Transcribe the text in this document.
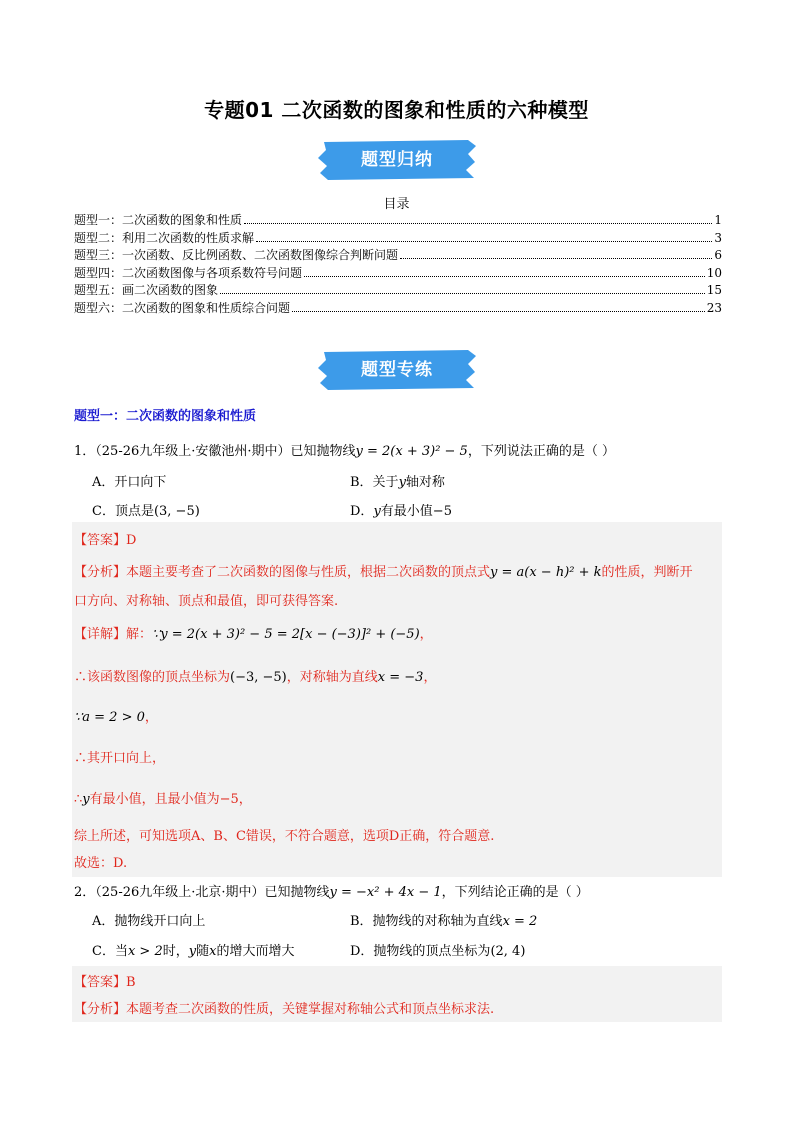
专题01 二次函数的图象和性质的六种模型
题型归纳
目录
题型一：二次函数的图象和性质	1
题型二：利用二次函数的性质求解	3
题型三：一次函数、反比例函数、二次函数图像综合判断问题	6
题型四：二次函数图像与各项系数符号问题	10
题型五：画二次函数的图象	15
题型六：二次函数的图象和性质综合问题	23
题型专练
题型一：二次函数的图象和性质
1．（25-26九年级上·安徽池州·期中）已知抛物线y = 2(x + 3)² − 5，下列说法正确的是（ ）
A．开口向下	B．关于y轴对称
C．顶点是(3, −5)	D．y有最小值−5
【答案】D
【分析】本题主要考查了二次函数的图像与性质，根据二次函数的顶点式y = a(x − h)² + k的性质，判断开
口方向、对称轴、顶点和最值，即可获得答案.
【详解】解：∵y = 2(x + 3)² − 5 = 2[x − (−3)]² + (−5)，
∴该函数图像的顶点坐标为(−3, −5)，对称轴为直线x = −3，
∵a = 2 > 0，
∴其开口向上，
∴y有最小值，且最小值为−5，
综上所述，可知选项A、B、C错误，不符合题意，选项D正确，符合题意.
故选：D.
2．（25-26九年级上·北京·期中）已知抛物线y = −x² + 4x − 1，下列结论正确的是（ ）
A．抛物线开口向上	B．抛物线的对称轴为直线x = 2
C．当x > 2时，y随x的增大而增大	D．抛物线的顶点坐标为(2, 4)
【答案】B
【分析】本题考查二次函数的性质，关键掌握对称轴公式和顶点坐标求法.
